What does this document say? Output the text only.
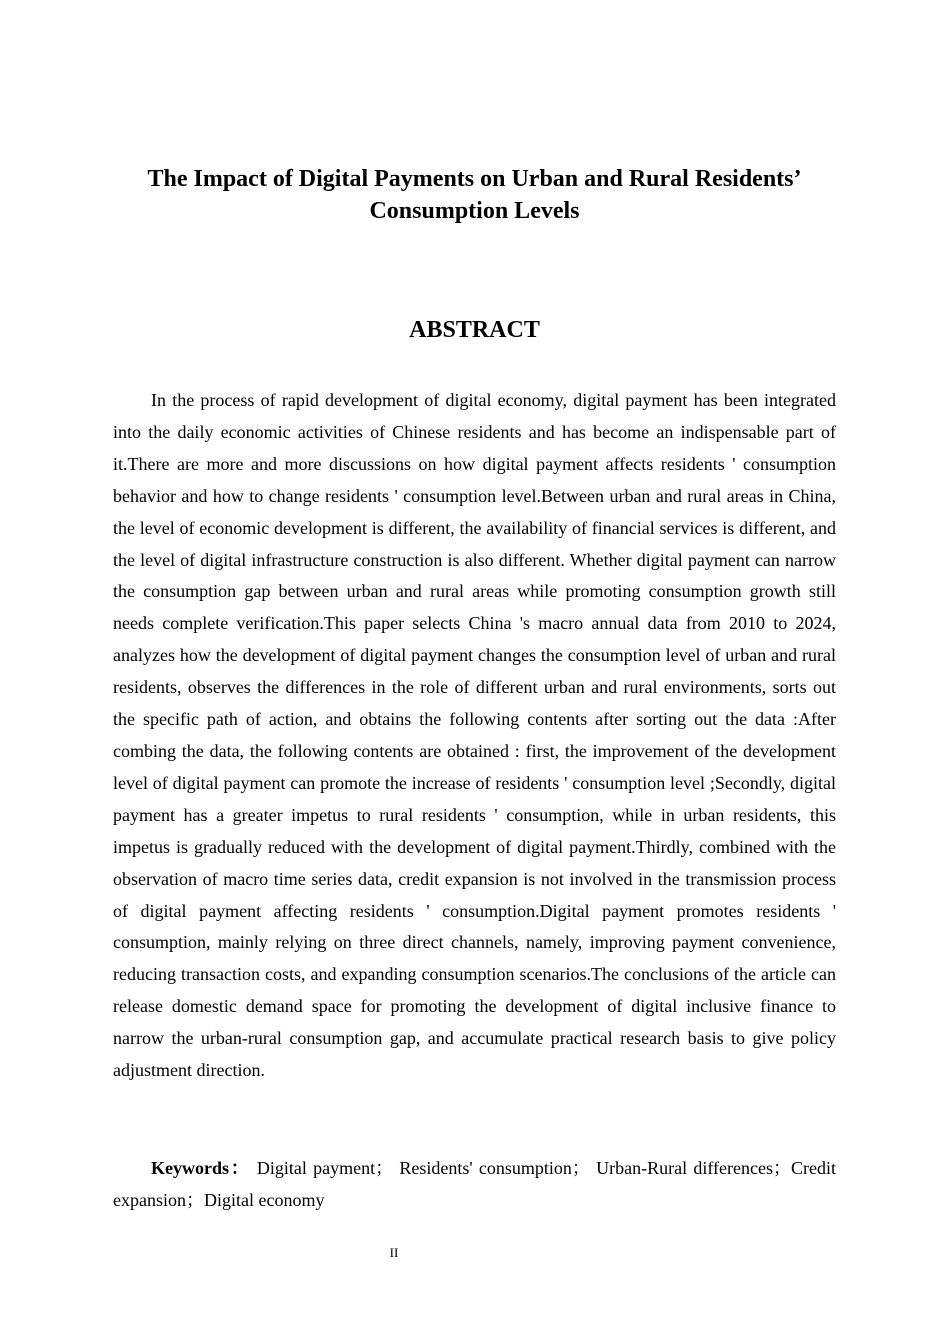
The Impact of Digital Payments on Urban and Rural Residents’ Consumption Levels
ABSTRACT

In the process of rapid development of digital economy, digital payment has been integrated into the daily economic activities of Chinese residents and has become an indispensable part of it.There are more and more discussions on how digital payment affects residents ' consumption behavior and how to change residents ' consumption level.Between urban and rural areas in China, the level of economic development is different, the availability of financial services is different, and the level of digital infrastructure construction is also different. Whether digital payment can narrow the consumption gap between urban and rural areas while promoting consumption growth still needs complete verification.This paper selects China 's macro annual data from 2010 to 2024, analyzes how the development of digital payment changes the consumption level of urban and rural residents, observes the differences in the role of different urban and rural environments, sorts out the specific path of action, and obtains the following contents after sorting out the data :After combing the data, the following contents are obtained : first, the improvement of the development level of digital payment can promote the increase of residents ' consumption level ;Secondly, digital payment has a greater impetus to rural residents ' consumption, while in urban residents, this impetus is gradually reduced with the development of digital payment.Thirdly, combined with the observation of macro time series data, credit expansion is not involved in the transmission process of digital payment affecting residents ' consumption.Digital payment promotes residents ' consumption, mainly relying on three direct channels, namely, improving payment convenience, reducing transaction costs, and expanding consumption scenarios.The conclusions of the article can release domestic demand space for promoting the development of digital inclusive finance to narrow the urban-rural consumption gap, and accumulate practical research basis to give policy adjustment direction.

Keywords： Digital payment； Residents' consumption； Urban-Rural differences；Credit expansion；Digital economy

II
